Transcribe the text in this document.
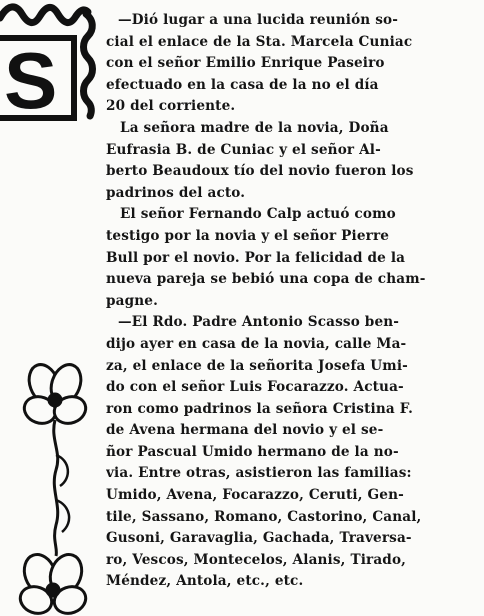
S

—Dió lugar a una lucida reunión so-
cial el enlace de la Sta. Marcela Cuniac
con el señor Emilio Enrique Paseiro
efectuado en la casa de la no el día
20 del corriente.

La señora madre de la novia, Doña
Eufrasia B. de Cuniac y el señor Al-
berto Beaudoux tío del novio fueron los
padrinos del acto.

El señor Fernando Calp actuó como
testigo por la novia y el señor Pierre
Bull por el novio. Por la felicidad de la
nueva pareja se bebió una copa de cham-
pagne.

—El Rdo. Padre Antonio Scasso ben-
dijo ayer en casa de la novia, calle Ma-
za, el enlace de la señorita Josefa Umi-
do con el señor Luis Focarazzo. Actua-
ron como padrinos la señora Cristina F.
de Avena hermana del novio y el se-
ñor Pascual Umido hermano de la no-
via. Entre otras, asistieron las familias:
Umido, Avena, Focarazzo, Ceruti, Gen-
tile, Sassano, Romano, Castorino, Canal,
Gusoni, Garavaglia, Gachada, Traversa-
ro, Vescos, Montecelos, Alanis, Tirado,
Méndez, Antola, etc., etc.
